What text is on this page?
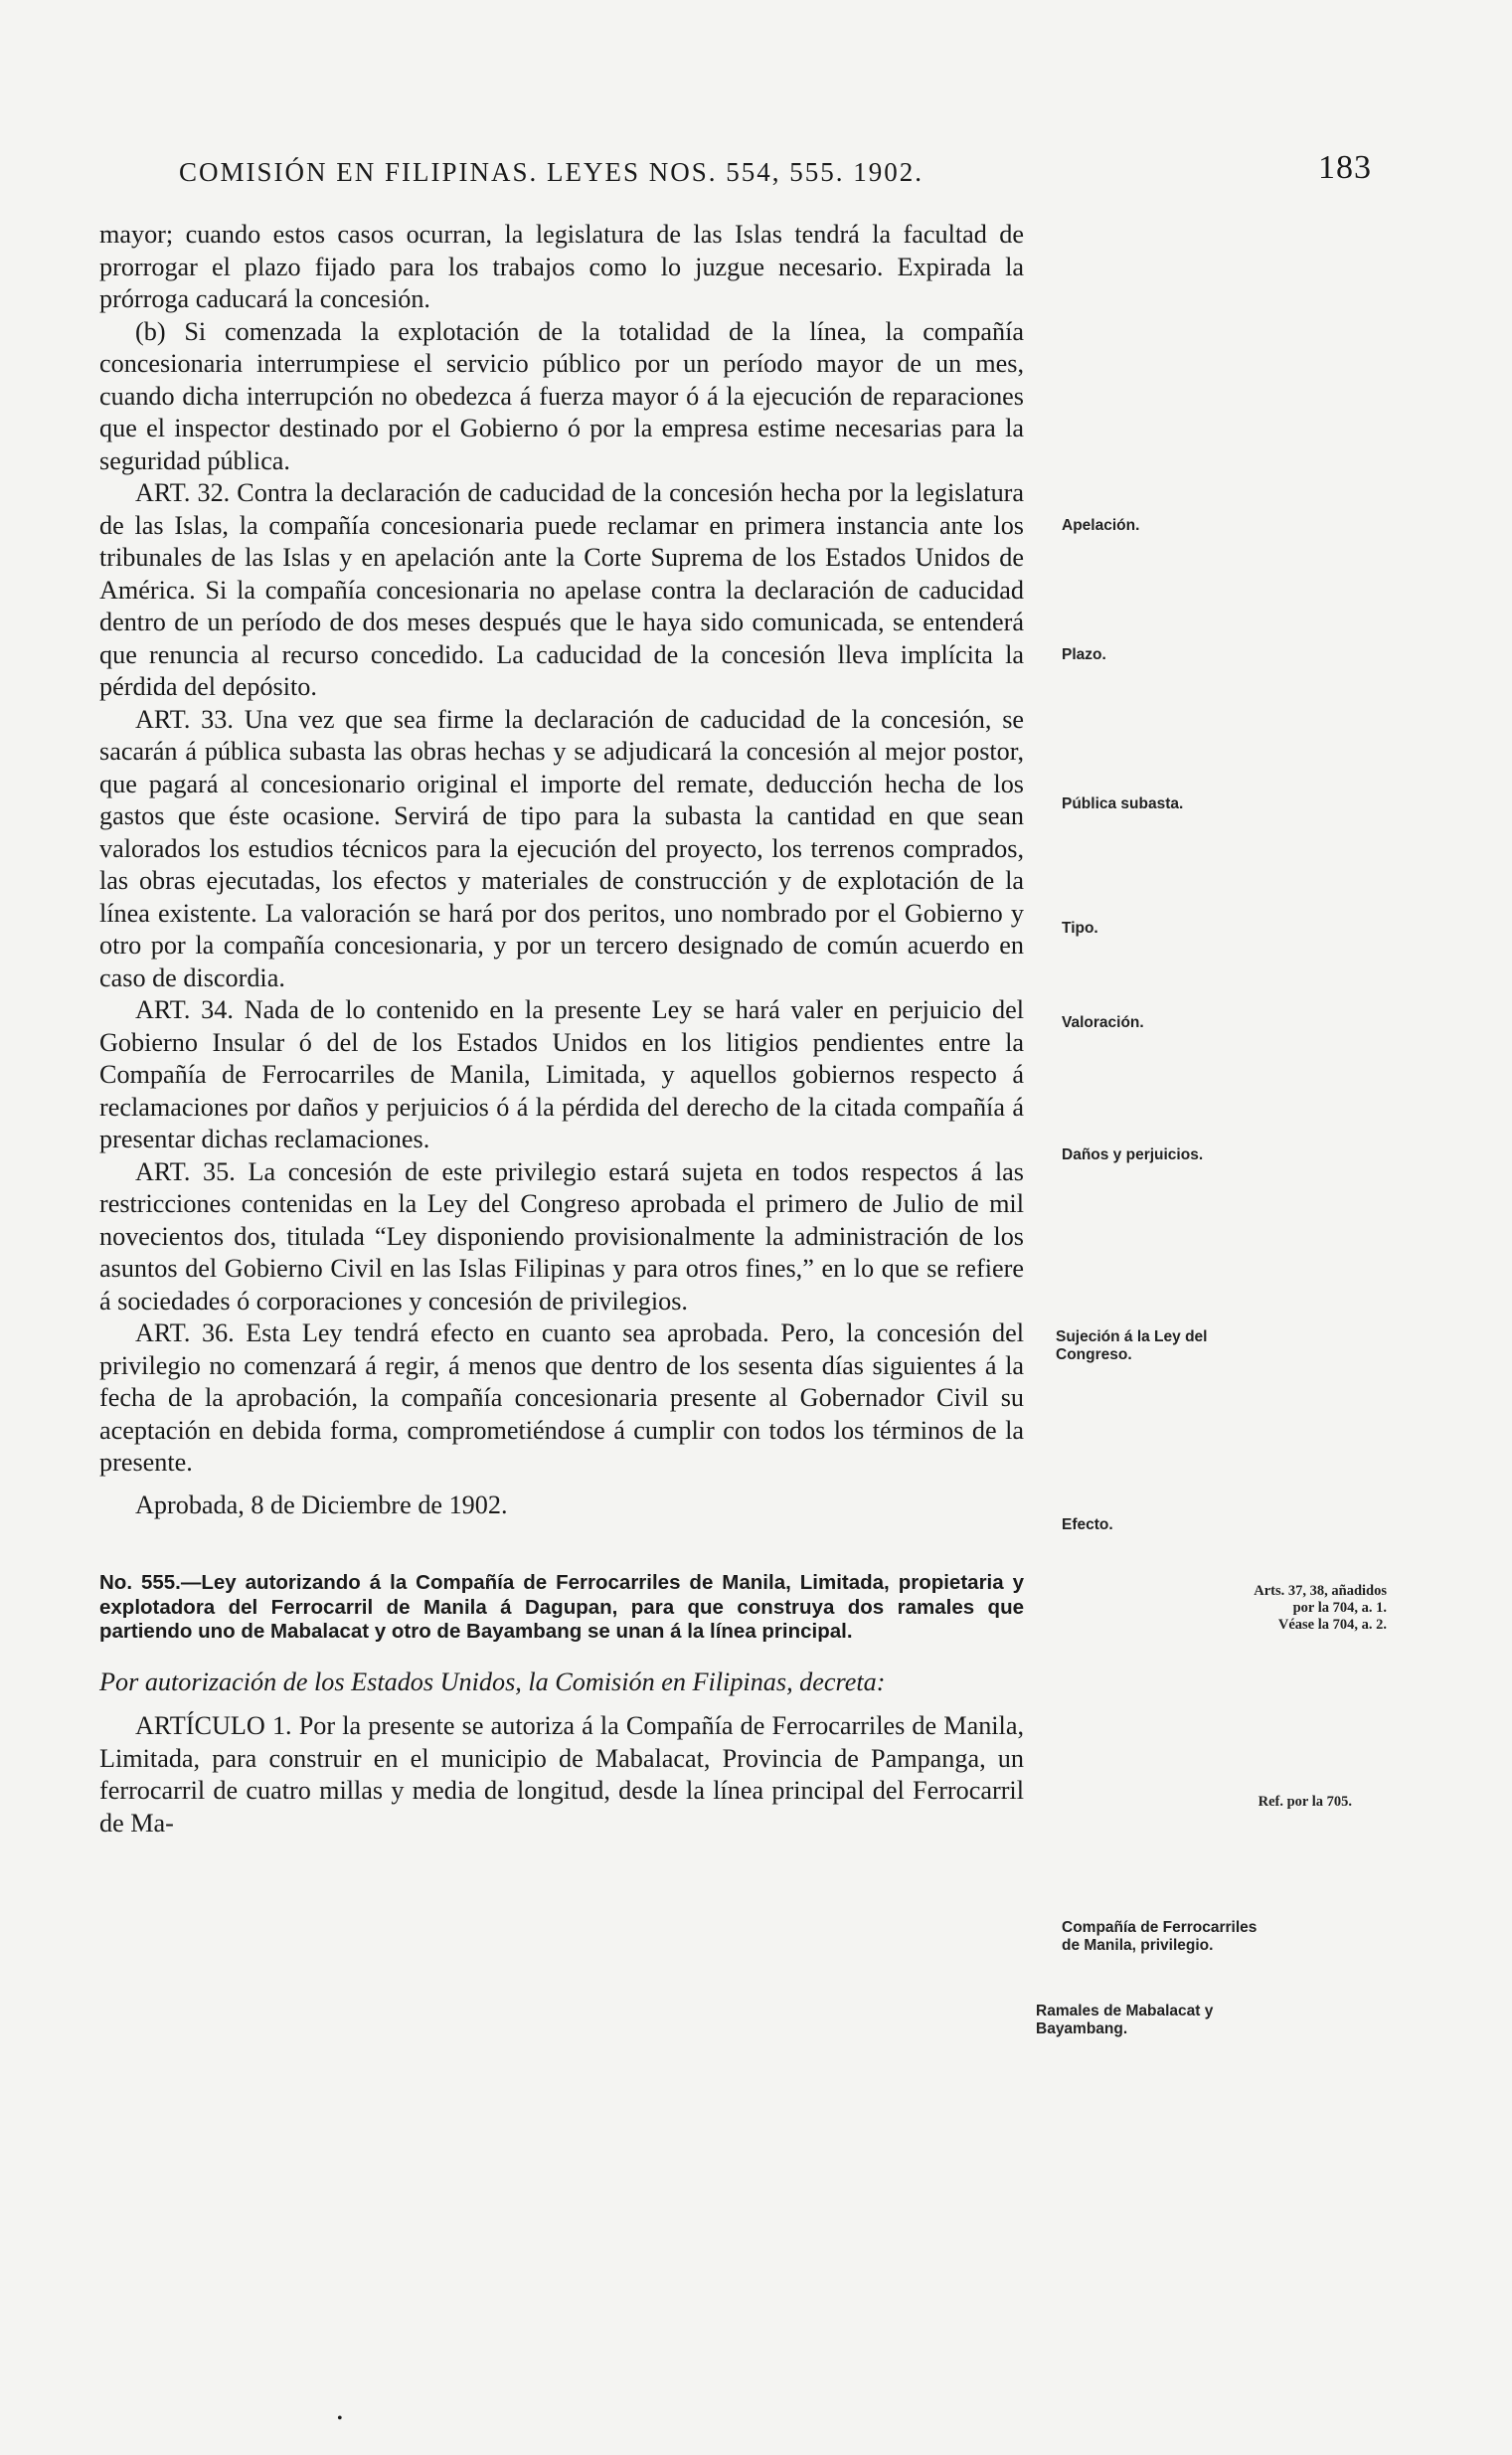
COMISIÓN EN FILIPINAS. LEYES NOS. 554, 555. 1902.	183

mayor; cuando estos casos ocurran, la legislatura de las Islas tendrá la facultad de prorrogar el plazo fijado para los trabajos como lo juzgue necesario. Expirada la prórroga caducará la concesión.

(b) Si comenzada la explotación de la totalidad de la línea, la compañía concesionaria interrumpiese el servicio público por un período mayor de un mes, cuando dicha interrupción no obedezca á fuerza mayor ó á la ejecución de reparaciones que el inspector destinado por el Gobierno ó por la empresa estime necesarias para la seguridad pública.

ART. 32. Contra la declaración de caducidad de la concesión hecha por la legislatura de las Islas, la compañía concesionaria puede reclamar en primera instancia ante los tribunales de las Islas y en apelación ante la Corte Suprema de los Estados Unidos de América. Si la compañía concesionaria no apelase contra la declaración de caducidad dentro de un período de dos meses después que le haya sido comunicada, se entenderá que renuncia al recurso concedido. La caducidad de la concesión lleva implícita la pérdida del depósito.

ART. 33. Una vez que sea firme la declaración de caducidad de la concesión, se sacarán á pública subasta las obras hechas y se adjudicará la concesión al mejor postor, que pagará al concesionario original el importe del remate, deducción hecha de los gastos que éste ocasione. Servirá de tipo para la subasta la cantidad en que sean valorados los estudios técnicos para la ejecución del proyecto, los terrenos comprados, las obras ejecutadas, los efectos y materiales de construcción y de explotación de la línea existente. La valoración se hará por dos peritos, uno nombrado por el Gobierno y otro por la compañía concesionaria, y por un tercero designado de común acuerdo en caso de discordia.

ART. 34. Nada de lo contenido en la presente Ley se hará valer en perjuicio del Gobierno Insular ó del de los Estados Unidos en los litigios pendientes entre la Compañía de Ferrocarriles de Manila, Limitada, y aquellos gobiernos respecto á reclamaciones por daños y perjuicios ó á la pérdida del derecho de la citada compañía á presentar dichas reclamaciones.

ART. 35. La concesión de este privilegio estará sujeta en todos respectos á las restricciones contenidas en la Ley del Congreso aprobada el primero de Julio de mil novecientos dos, titulada “Ley disponiendo provisionalmente la administración de los asuntos del Gobierno Civil en las Islas Filipinas y para otros fines,” en lo que se refiere á sociedades ó corporaciones y concesión de privilegios.

ART. 36. Esta Ley tendrá efecto en cuanto sea aprobada. Pero, la concesión del privilegio no comenzará á regir, á menos que dentro de los sesenta días siguientes á la fecha de la aprobación, la compañía concesionaria presente al Gobernador Civil su aceptación en debida forma, comprometiéndose á cumplir con todos los términos de la presente.

Aprobada, 8 de Diciembre de 1902.

No. 555.—Ley autorizando á la Compañía de Ferrocarriles de Manila, Limitada, propietaria y explotadora del Ferrocarril de Manila á Dagupan, para que construya dos ramales que partiendo uno de Mabalacat y otro de Bayambang se unan á la línea principal.

Por autorización de los Estados Unidos, la Comisión en Filipinas, decreta:

ARTÍCULO 1. Por la presente se autoriza á la Compañía de Ferrocarriles de Manila, Limitada, para construir en el municipio de Mabalacat, Provincia de Pampanga, un ferrocarril de cuatro millas y media de longitud, desde la línea principal del Ferrocarril de Ma-

Apelación.
Plazo.
Pública subasta.
Tipo.
Valoración.
Daños y perjuicios.
Sujeción á la Ley del Congreso.
Efecto.
Arts. 37, 38, añadidos por la 704, a. 1.
Véase la 704, a. 2.
Ref. por la 705.
Compañía de Ferrocarriles de Manila, privilegio.
Ramales de Mabalacat y Bayambang.
•
